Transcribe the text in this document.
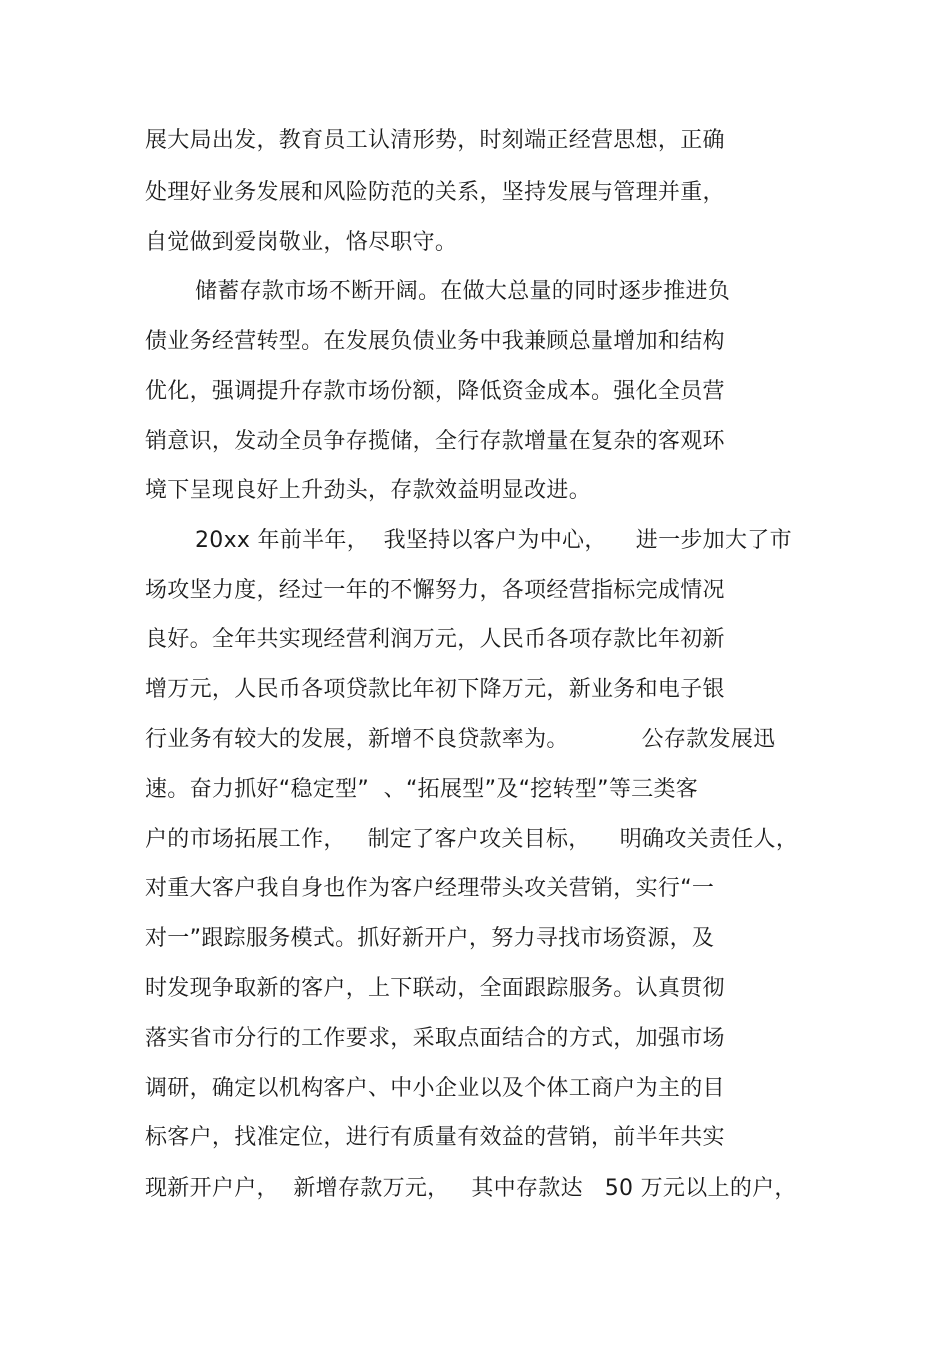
展大局出发，教育员工认清形势，时刻端正经营思想，正确
处理好业务发展和风险防范的关系，坚持发展与管理并重，
自觉做到爱岗敬业，恪尽职守。
储蓄存款市场不断开阔。在做大总量的同时逐步推进负
债业务经营转型。在发展负债业务中我兼顾总量增加和结构
优化，强调提升存款市场份额，降低资金成本。强化全员营
销意识，发动全员争存揽储，全行存款增量在复杂的客观环
境下呈现良好上升劲头，存款效益明显改进。
20xx 年前半年，  我坚持以客户为中心，    进一步加大了市
场攻坚力度，经过一年的不懈努力，各项经营指标完成情况
良好。全年共实现经营利润万元，人民币各项存款比年初新
增万元，人民币各项贷款比年初下降万元，新业务和电子银
行业务有较大的发展，新增不良贷款率为。          公存款发展迅
速。奋力抓好“稳定型”  、“拓展型”及“挖转型”等三类客
户的市场拓展工作，   制定了客户攻关目标，    明确攻关责任人，
对重大客户我自身也作为客户经理带头攻关营销，实行“一
对一”跟踪服务模式。抓好新开户，努力寻找市场资源，及
时发现争取新的客户，上下联动，全面跟踪服务。认真贯彻
落实省市分行的工作要求，采取点面结合的方式，加强市场
调研，确定以机构客户、中小企业以及个体工商户为主的目
标客户，找准定位，进行有质量有效益的营销，前半年共实
现新开户户，  新增存款万元，   其中存款达   50 万元以上的户，
